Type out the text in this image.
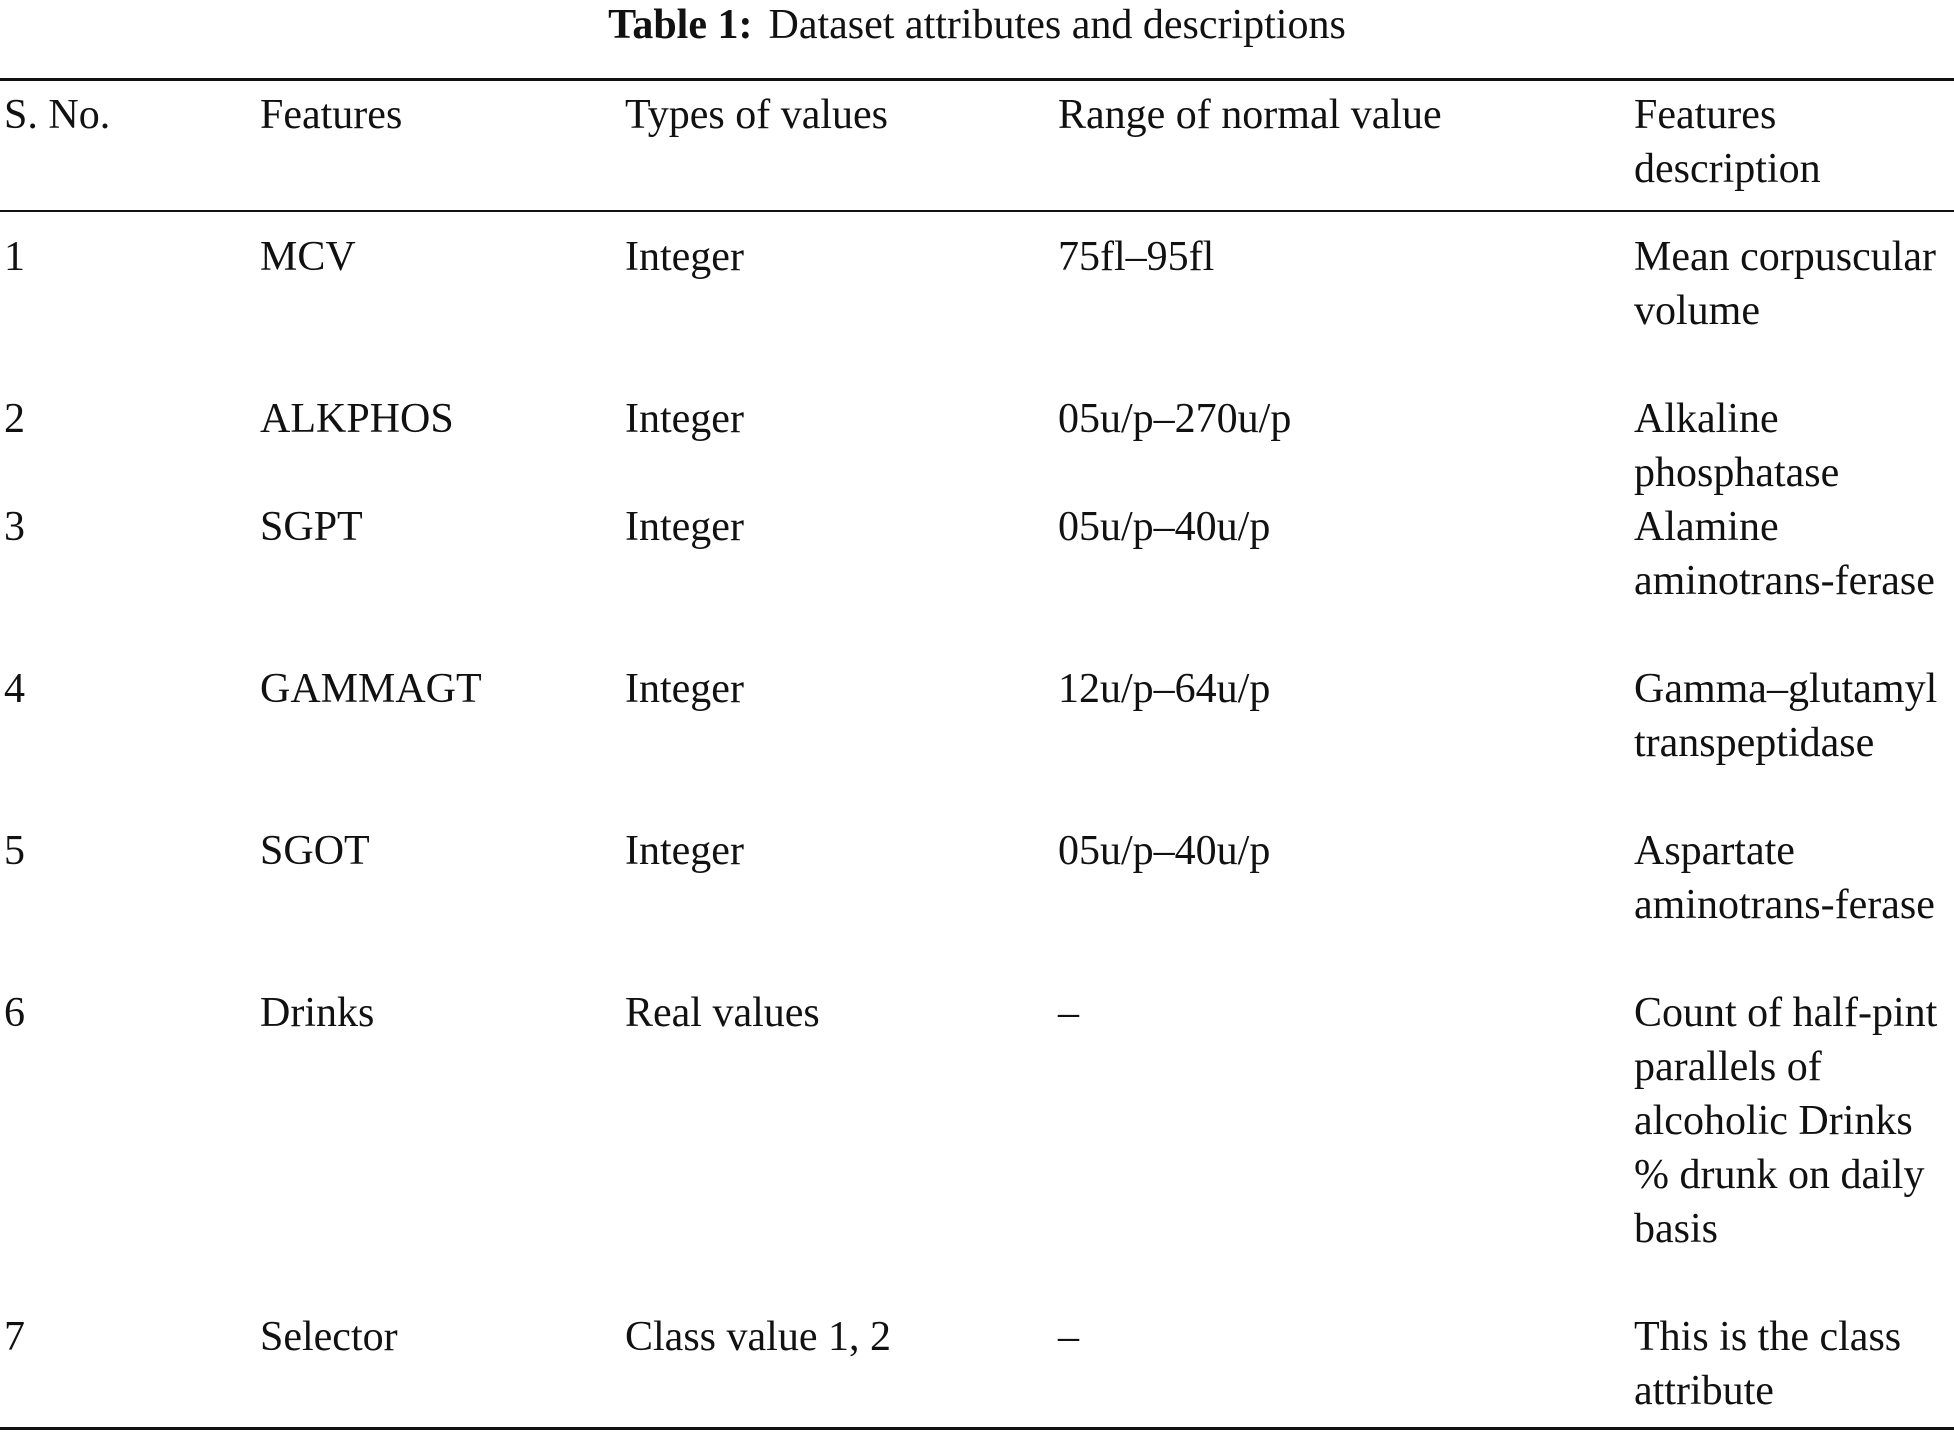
Table 1: Dataset attributes and descriptions
S. No.	Features	Types of values	Range of normal value	Features description
1	MCV	Integer	75fl–95fl	Mean corpuscular volume
2	ALKPHOS	Integer	05u/p–270u/p	Alkaline phosphatase
3	SGPT	Integer	05u/p–40u/p	Alamine aminotrans-ferase
4	GAMMAGT	Integer	12u/p–64u/p	Gamma–glutamyl transpeptidase
5	SGOT	Integer	05u/p–40u/p	Aspartate aminotrans-ferase
6	Drinks	Real values	–	Count of half-pint parallels of alcoholic Drinks % drunk on daily basis
7	Selector	Class value 1, 2	–	This is the class attribute
